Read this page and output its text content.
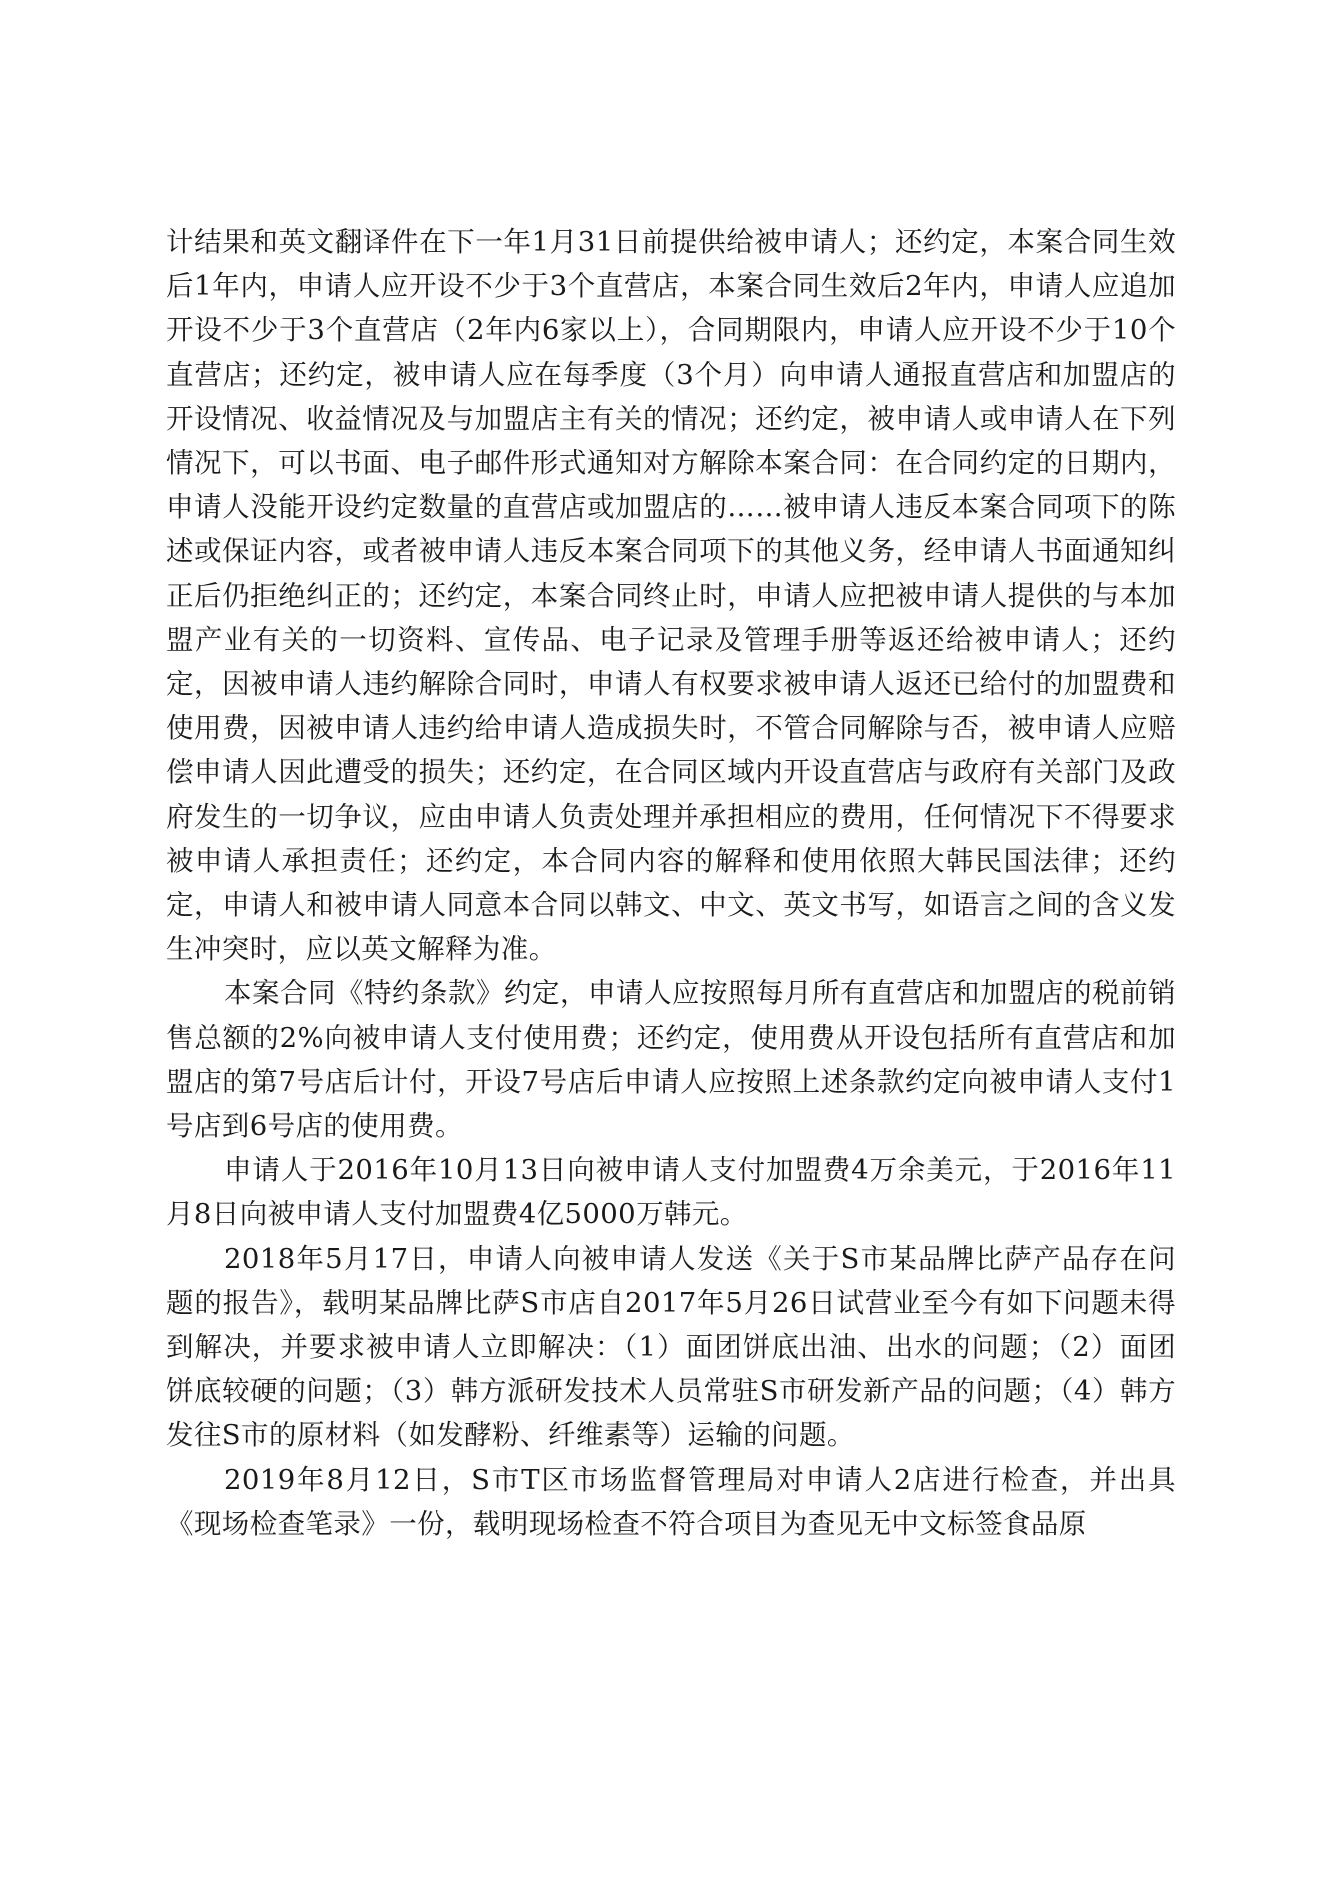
计结果和英文翻译件在下一年1月31日前提供给被申请人；还约定，本案合同生效后1年内，申请人应开设不少于3个直营店，本案合同生效后2年内，申请人应追加开设不少于3个直营店（2年内6家以上），合同期限内，申请人应开设不少于10个直营店；还约定，被申请人应在每季度（3个月）向申请人通报直营店和加盟店的开设情况、收益情况及与加盟店主有关的情况；还约定，被申请人或申请人在下列情况下，可以书面、电子邮件形式通知对方解除本案合同：在合同约定的日期内，申请人没能开设约定数量的直营店或加盟店的……被申请人违反本案合同项下的陈述或保证内容，或者被申请人违反本案合同项下的其他义务，经申请人书面通知纠正后仍拒绝纠正的；还约定，本案合同终止时，申请人应把被申请人提供的与本加盟产业有关的一切资料、宣传品、电子记录及管理手册等返还给被申请人；还约定，因被申请人违约解除合同时，申请人有权要求被申请人返还已给付的加盟费和使用费，因被申请人违约给申请人造成损失时，不管合同解除与否，被申请人应赔偿申请人因此遭受的损失；还约定，在合同区域内开设直营店与政府有关部门及政府发生的一切争议，应由申请人负责处理并承担相应的费用，任何情况下不得要求被申请人承担责任；还约定，本合同内容的解释和使用依照大韩民国法律；还约定，申请人和被申请人同意本合同以韩文、中文、英文书写，如语言之间的含义发生冲突时，应以英文解释为准。

本案合同《特约条款》约定，申请人应按照每月所有直营店和加盟店的税前销售总额的2%向被申请人支付使用费；还约定，使用费从开设包括所有直营店和加盟店的第7号店后计付，开设7号店后申请人应按照上述条款约定向被申请人支付1号店到6号店的使用费。

申请人于2016年10月13日向被申请人支付加盟费4万余美元，于2016年11月8日向被申请人支付加盟费4亿5000万韩元。

2018年5月17日，申请人向被申请人发送《关于S市某品牌比萨产品存在问题的报告》，载明某品牌比萨S市店自2017年5月26日试营业至今有如下问题未得到解决，并要求被申请人立即解决：（1）面团饼底出油、出水的问题；（2）面团饼底较硬的问题；（3）韩方派研发技术人员常驻S市研发新产品的问题；（4）韩方发往S市的原材料（如发酵粉、纤维素等）运输的问题。

2019年8月12日，S市T区市场监督管理局对申请人2店进行检查，并出具《现场检查笔录》一份，载明现场检查不符合项目为查见无中文标签食品原
